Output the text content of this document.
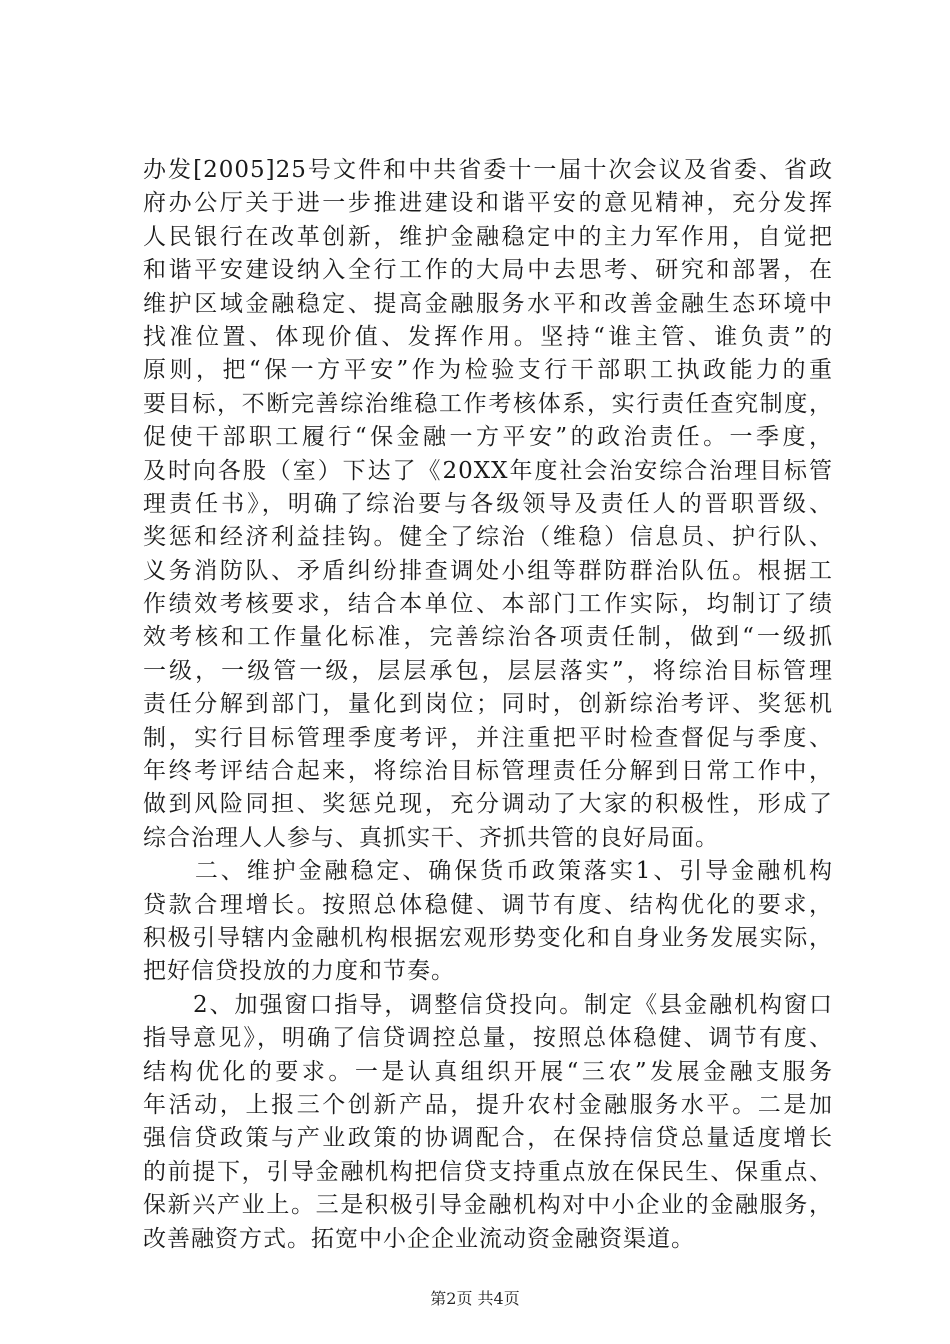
办发[2005]25号文件和中共省委十一届十次会议及省委、省政
府办公厅关于进一步推进建设和谐平安的意见精神，充分发挥
人民银行在改革创新，维护金融稳定中的主力军作用，自觉把
和谐平安建设纳入全行工作的大局中去思考、研究和部署，在
维护区域金融稳定、提高金融服务水平和改善金融生态环境中
找准位置、体现价值、发挥作用。坚持“谁主管、谁负责”的
原则，把“保一方平安”作为检验支行干部职工执政能力的重
要目标，不断完善综治维稳工作考核体系，实行责任查究制度，
促使干部职工履行“保金融一方平安”的政治责任。一季度，
及时向各股（室）下达了《20XX年度社会治安综合治理目标管
理责任书》，明确了综治要与各级领导及责任人的晋职晋级、
奖惩和经济利益挂钩。健全了综治（维稳）信息员、护行队、
义务消防队、矛盾纠纷排查调处小组等群防群治队伍。根据工
作绩效考核要求，结合本单位、本部门工作实际，均制订了绩
效考核和工作量化标准，完善综治各项责任制，做到“一级抓
一级，一级管一级，层层承包，层层落实”，将综治目标管理
责任分解到部门，量化到岗位；同时，创新综治考评、奖惩机
制，实行目标管理季度考评，并注重把平时检查督促与季度、
年终考评结合起来，将综治目标管理责任分解到日常工作中，
做到风险同担、奖惩兑现，充分调动了大家的积极性，形成了
综合治理人人参与、真抓实干、齐抓共管的良好局面。
　　二、维护金融稳定、确保货币政策落实1、引导金融机构
贷款合理增长。按照总体稳健、调节有度、结构优化的要求，
积极引导辖内金融机构根据宏观形势变化和自身业务发展实际，
把好信贷投放的力度和节奏。
　　2、加强窗口指导，调整信贷投向。制定《县金融机构窗口
指导意见》，明确了信贷调控总量，按照总体稳健、调节有度、
结构优化的要求。一是认真组织开展“三农”发展金融支服务
年活动，上报三个创新产品，提升农村金融服务水平。二是加
强信贷政策与产业政策的协调配合，在保持信贷总量适度增长
的前提下，引导金融机构把信贷支持重点放在保民生、保重点、
保新兴产业上。三是积极引导金融机构对中小企业的金融服务，
改善融资方式。拓宽中小企企业流动资金融资渠道。
第2页 共4页
